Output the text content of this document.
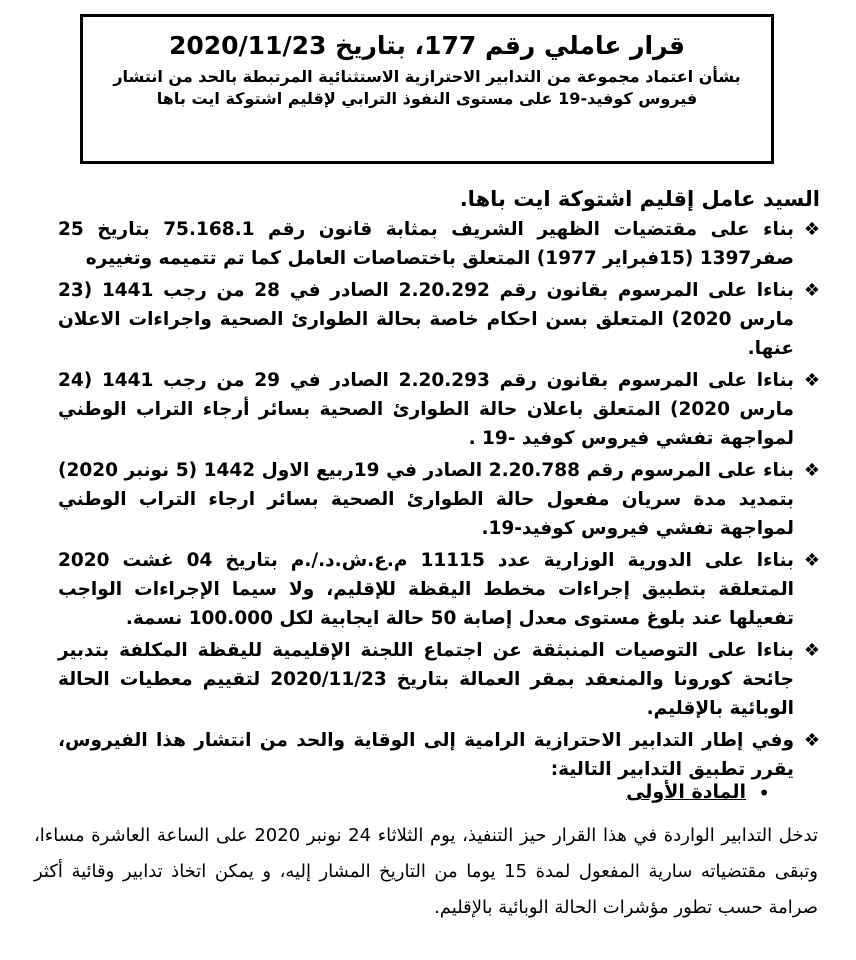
قرار عاملي رقم 177، بتاريخ 2020/11/23
بشأن اعتماد مجموعة من التدابير الاحترازية الاستثنائية المرتبطة بالحد من انتشار فيروس كوفيد-19 على مستوى النفوذ الترابي لإقليم اشتوكة ايت باها
السيد عامل إقليم اشتوكة ايت باها.
❖
بناء على مقتضيات الظهير الشريف بمثابة قانون رقم 75.168.1 بتاريخ 25 صفر1397 (15فبراير 1977) المتعلق باختصاصات العامل كما تم تتميمه وتغييره
❖
بناءا على المرسوم بقانون رقم 2.20.292 الصادر في 28 من رجب 1441 (23 مارس 2020) المتعلق بسن احكام خاصة بحالة الطوارئ الصحية واجراءات الاعلان عنها.
❖
بناءا على المرسوم بقانون رقم 2.20.293 الصادر في 29 من رجب 1441 (24 مارس 2020) المتعلق باعلان حالة الطوارئ الصحية بسائر أرجاء التراب الوطني لمواجهة تفشي فيروس كوفيد -19 .
❖
بناء على المرسوم رقم 2.20.788 الصادر في 19ربيع الاول 1442 (5 نونبر 2020) بتمديد مدة سريان مفعول حالة الطوارئ الصحية بسائر ارجاء التراب الوطني لمواجهة تفشي فيروس كوفيد-19.
❖
بناءا على الدورية الوزارية عدد 11115 م.ع.ش.د./.م بتاريخ 04 غشت 2020 المتعلقة بتطبيق إجراءات مخطط اليقظة للإقليم، ولا سيما الإجراءات الواجب تفعيلها عند بلوغ مستوى معدل إصابة 50 حالة ايجابية لكل 100.000 نسمة.
❖
بناءا على التوصيات المنبثقة عن اجتماع اللجنة الإقليمية لليقظة المكلفة بتدبير جائحة كورونا والمنعقد بمقر العمالة بتاريخ 2020/11/23 لتقييم معطيات الحالة الوبائية بالإقليم.
❖
وفي إطار التدابير الاحترازية الرامية إلى الوقاية والحد من انتشار هذا الفيروس، يقرر تطبيق التدابير التالية:
•
المادة الأولى

تدخل التدابير الواردة في هذا القرار حيز التنفيذ، يوم الثلاثاء 24 نونبر 2020 على الساعة العاشرة مساءا، وتبقى مقتضياته سارية المفعول لمدة 15 يوما من التاريخ المشار إليه، و يمكن اتخاذ تدابير وقائية أكثر صرامة حسب تطور مؤشرات الحالة الوبائية بالإقليم.
